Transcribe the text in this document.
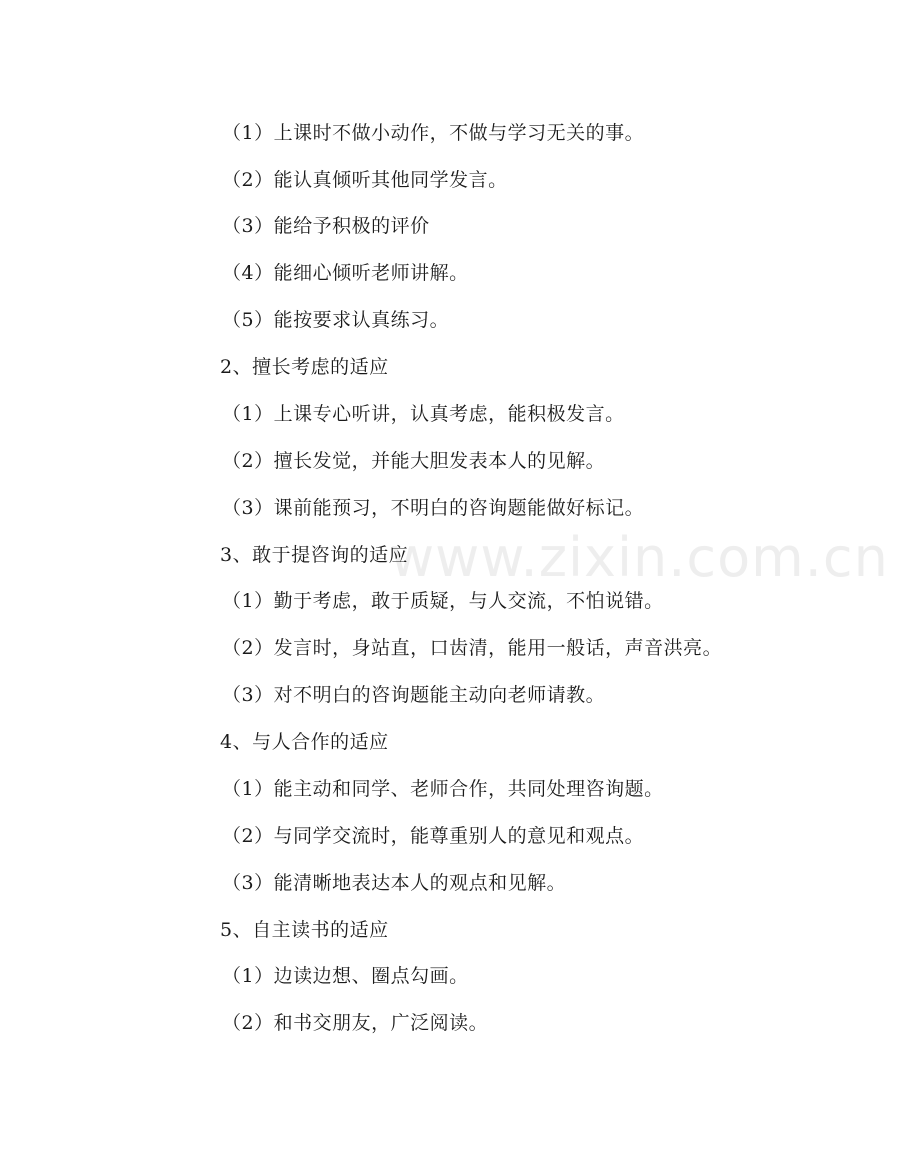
www.zixin.com.cn
（1）上课时不做小动作，不做与学习无关的事。
（2）能认真倾听其他同学发言。
（3）能给予积极的评价
（4）能细心倾听老师讲解。
（5）能按要求认真练习。
2、擅长考虑的适应
（1）上课专心听讲，认真考虑，能积极发言。
（2）擅长发觉，并能大胆发表本人的见解。
（3）课前能预习，不明白的咨询题能做好标记。
3、敢于提咨询的适应
（1）勤于考虑，敢于质疑，与人交流，不怕说错。
（2）发言时，身站直，口齿清，能用一般话，声音洪亮。
（3）对不明白的咨询题能主动向老师请教。
4、与人合作的适应
（1）能主动和同学、老师合作，共同处理咨询题。
（2）与同学交流时，能尊重别人的意见和观点。
（3）能清晰地表达本人的观点和见解。
5、自主读书的适应
（1）边读边想、圈点勾画。
（2）和书交朋友，广泛阅读。
